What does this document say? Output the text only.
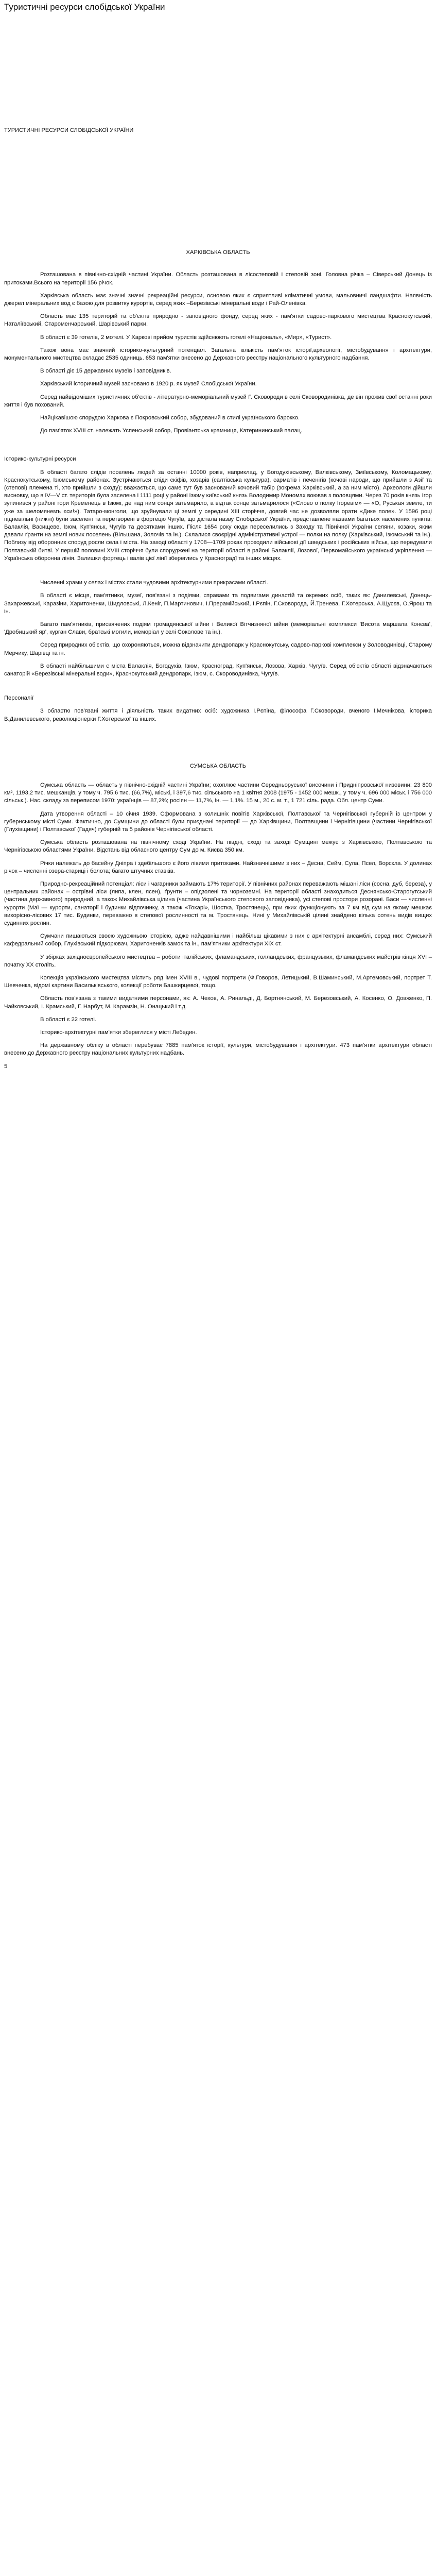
Туристичні ресурси слобідської України
ТУРИСТИЧНІ РЕСУРСИ СЛОБІДСЬКОЇ УКРАЇНИ

ХАРКІВСЬКА ОБЛАСТЬ

Розташована в північно-східній частині України. Область розташована в лісостеповій і степовій зоні. Головна річка – Сіверський Донець із притоками.Всього на території 156 річок.

Харківська область має значні значні рекреаційні ресурси, основою яких є сприятливі кліматичні умови, мальовничі ландшафти. Наявність джерел мінеральних вод є базою для розвитку курортів, серед яких –Березівські мінеральні води і Рай-Оленівка.

Область має 135 територій та об'єктів природно - заповідного фонду, серед яких - пам'ятки садово-паркового мистецтва Краснокутський, Наталіївський, Староменчарський, Шарівський парки.

В області є 39 готелів, 2 мотелі. У Харкові прийом туристів здійснюють готелі «Національ», «Мир», «Турист».

Також вона має значний історико-культурний потенціал. Загальна кількість пам'яток історії,археології, містобудування і архітектури, монументального мистецтва складає 2535 одиниць. 653 пам'ятки внесено до Державного реєстру національного культурного надбання.

В області діє 15 державних музеїв і заповідників.

Харківський історичний музей засновано в 1920 р. як музей Слобідської України.

Серед найвідоміших туристичних об'єктів - літературно-меморіальний музей Г. Сковороди в селі Сковородинівка, де він прожив свої останні роки життя і був похований.

Найцікавішою спорудою Харкова є Покровський собор, збудований в стилі українського барокко.

До пам'яток XVIII ст. належать Успенський собор, Провіантська крамниця, Катерининський палац.

Історико-культурні ресурси

В області багато слідів поселень людей за останні 10000 років, наприклад, у Богодухівському, Валківському, Зміївському, Коломацькому, Краснокутському, Ізюмському районах. Зустрічаються сліди скіфів, хозарів (салтівська культура), сарматів і печенігів (кочові народи, що прийшли з Азії та (степові) племена ті, хто прийшли з сходу); вважається, що саме тут був заснований кочовий табір (зокрема Харківський, а за ним місто). Археологи дійшли висновку, що в IV—V ст. територія була заселена і 1111 році у районі Ізюму київський князь Володимир Мономах воював з половцями. Через 70 років князь Ігор зупинився у районі гори Кременець в Ізюмі, де над ним сонця затьмарило, а відтак сонце затьмарилося («Слово о полку Ігоревім» — «О, Руськая земле, ти уже за шеломянемъ єси!»). Татаро-монголи, що зруйнували ці землі у середині XIII сторіччя, довгий час не дозволяли орати «Дике поле». У 1596 році підневільні (нижні) були заселені та перетворені в фортецю Чугуїв, що дістала назву Слобідської України, представлене назвами багатьох населених пунктів: Балаклія, Васищеве, Ізюм, Куп'янськ, Чугуїв та десятками інших. Після 1654 року сюди переселились з Заходу та Північної України селяни, козаки, яким давали ґранти на землі нових поселень (Вільшана, Золочів та ін.). Склалися своєрідні адміністративні устрої — полки на полку (Харківський, Ізюмський та ін.). Поблизу від оборонних споруд росли села і міста. На заході області у 1708—1709 роках проходили військові дії шведських і російських військ, що передували Полтавській битві. У першій половині XVIII сторіччя були споруджені на території області в районі Балаклії, Лозової, Первомайського українські укріплення — Українська оборонна лінія. Залишки фортець і валів цієї лінії збереглись у Красноградї та інших місцях.

Численні храми у селах і містах стали чудовими архітектурними прикрасами області.

В області є місця, пам'ятники, музеї, пов'язані з подіями, справами та подвигами династій та окремих осіб, таких як: Данилевські, Донець-Захаржевські, Каразіни, Харитоненки, Шидловські, Л.Кеніг, П.Мартинович, І.Прерамійський, І.Рєпін, Г.Сковорода, Й.Тренева, Г.Хотерська, А.Щусєв, О.Ярош та ін.

Багато пам'ятників, присвячених подіям громадянської війни і Великої Вітчизняної війни (меморіальні комплекси 'Висота маршала Конєва', 'Дробицький яр', курган Слави, братські могили, меморіал у селі Соколове та ін.).

Серед природних об'єктів, що охороняються, можна відзначити дендропарк у Краснокутську, садово-паркові комплекси у Золоводинівці, Старому Мерчику, Шарівці та ін.

В області найбільшими є міста Балаклія, Богодухів, Ізюм, Красноград, Куп'янськ, Лозова, Харків, Чугуїв. Серед об'єктів області відзначаються санаторій «Березівські мінеральні води», Краснокутський дендропарк, Ізюм, с. Скороводинівка, Чугуїв.

Персоналії

З областю пов'язані життя і діяльність таких видатних осіб: художника І.Рєпіна, філософа Г.Сковороди, вченого І.Мечнікова, історика В.Данилевського, революціонерки Г.Хотерської та інших.

СУМСЬКА ОБЛАСТЬ

Сумська область — область у північно-східній частині України; охоплює частини Середньоруської височини і Придніпровської низовини: 23 800 км², 1193,2 тис. мешканців, у тому ч. 795,6 тис. (66,7%), міські, і 397,6 тис. сільського на 1 квітня 2008 (1975 - 1452 000 мешк., у тому ч. 696 000 міськ. і 756 000 сільськ.). Нас. складу за переписом 1970: українців — 87,2%; росіян — 11,7%, ін. — 1,1%. 15 м., 20 с. м. т., 1 721 сіль. рада. Обл. центр Суми.

Дата утворення області – 10 січня 1939. Сформована з колишніх повітів Харківської, Полтавської та Чернігівської губерній із центром у губернському місті Суми. Фактично, до Сумщини до області були приєднані території — до Харківщини, Полтавщини і Чернігівщини (частини Чернігівської (Глухівщини) і Полтавської (Гадяч) губерній та 5 районів Чернігівської області.

Сумська область розташована на північному сході України. На півдні, сході та заході Сумщині межує з Харківською, Полтавською та Чернігівською областями України. Відстань від обласного центру Сум до м. Києва 350 км.

Річки належать до басейну Дніпра і здебільшого є його лівими притоками. Найзначнішими з них – Десна, Сейм, Сула, Псел, Ворскла. У долинах річок – численні озера-стариці і болота; багато штучних ставків.

Природно-рекреаційний потенціал: ліси і чагарники займають 17% території. У північних районах переважають мішані ліси (сосна, дуб, береза), у центральних районах – острівні ліси (липа, клен, ясен), ґрунти – опідзолені та чорноземні. На території області знаходиться Деснянсько-Старогутський (частина державного) природний, а також Михайлівська цілина (частина Українського степового заповідника), усі степові простори розорані. Баси — численні курорти (Маї — курорти, санаторії і будинки відпочинку, а також «Токарі», Шостка, Тростянець), при яких функціонують за 7 км від сум на якому мешкає вихорісно-лісових 17 тис. Будинки, переважно в степової рослинності та м. Тростянець. Нині у Михайлівській цілині знайдено кілька сотень видів вищих судинних рослин.

Сумчани пишаються своєю художньою історією, адже найдавнішими і найбільш цікавими з них є архітектурні ансамблі, серед них: Сумський кафедральний собор, Глухівський підкорювач, Харитоненків замок та ін., пам'ятники архітектури XIX ст.

У збірках західноєвропейського мистецтва – роботи італійських, фламандських, голландських, французьких, фламандських майстрів кінця XVI – початку XX століть.

Колекція українського мистецтва містить ряд імен XVIII в., чудові портрети (Ф.Говоров, Летицький, В.Шаминський, М.Артемовський, портрет Т. Шевченка, відомі картини Васильківського, колекції роботи Башкирцевої, тощо.

Область пов'язана з такими видатними персонами, як: А. Чехов, А. Ринальді, Д. Бортнянський, М. Березовський, А. Косенко, О. Довженко, П. Чайковський, І. Крамський, Г. Нарбут, М. Карамзін, Н. Онацький і т.д.

В області є 22 готелі.

Історико-архітектурні пам'ятки збереглися у місті Лебедин.

На державному обліку в області перебуває 7885 пам'яток історії, культури, містобудування і архітектури. 473 пам'ятки архітектури області внесено до Державного реєстру національних культурних надбань.

5
